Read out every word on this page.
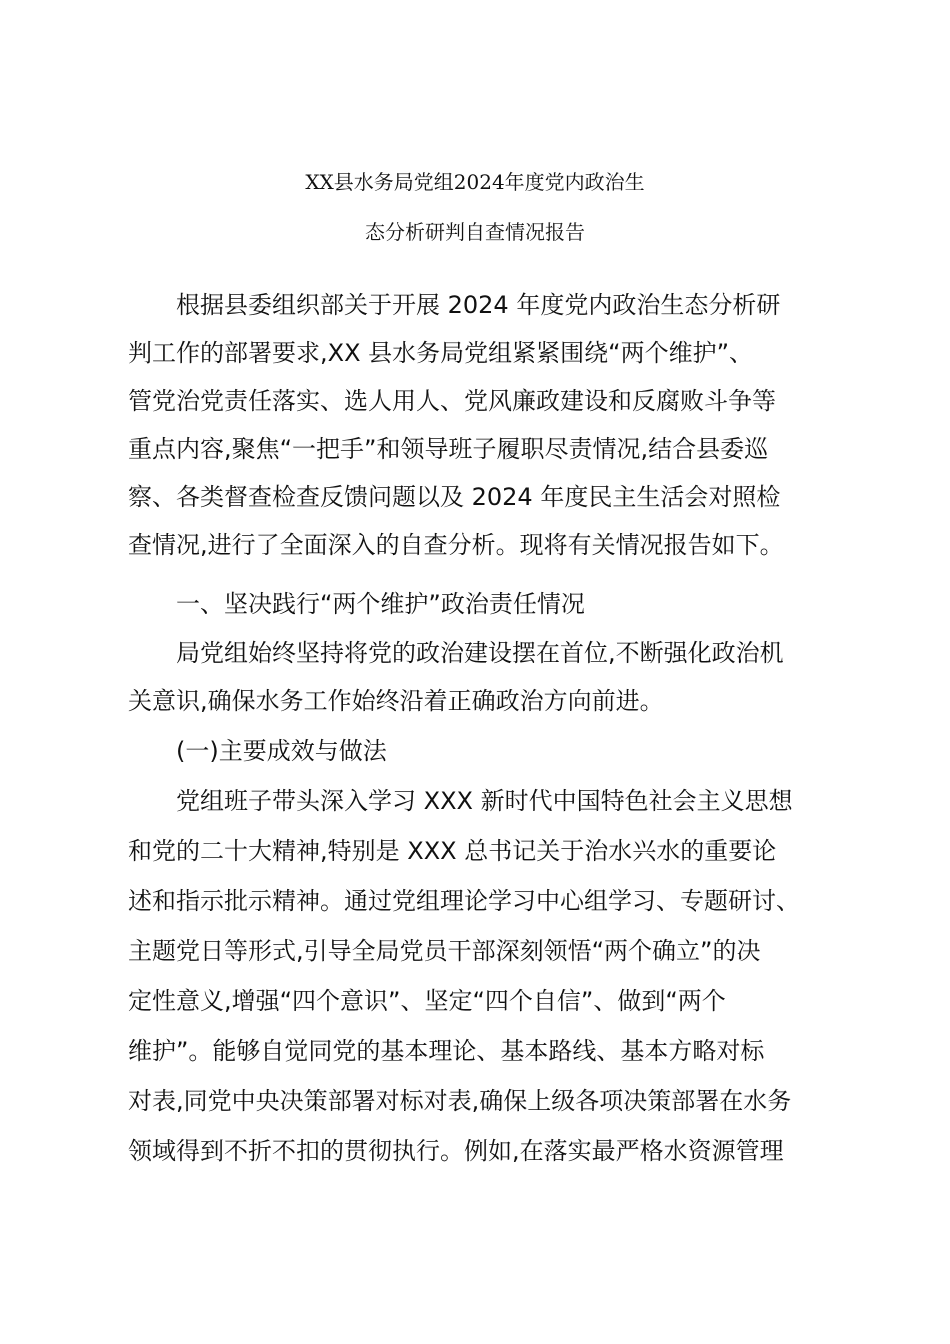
XX县水务局党组2024年度党内政治生
态分析研判自查情况报告
根据县委组织部关于开展 2024 年度党内政治生态分析研
判工作的部署要求,XX 县水务局党组紧紧围绕“两个维护”、
管党治党责任落实、选人用人、党风廉政建设和反腐败斗争等
重点内容,聚焦“一把手”和领导班子履职尽责情况,结合县委巡
察、各类督查检查反馈问题以及 2024 年度民主生活会对照检
查情况,进行了全面深入的自查分析。现将有关情况报告如下。
一、坚决践行“两个维护”政治责任情况
局党组始终坚持将党的政治建设摆在首位,不断强化政治机
关意识,确保水务工作始终沿着正确政治方向前进。
(一)主要成效与做法
党组班子带头深入学习 XXX 新时代中国特色社会主义思想
和党的二十大精神,特别是 XXX 总书记关于治水兴水的重要论
述和指示批示精神。通过党组理论学习中心组学习、专题研讨、
主题党日等形式,引导全局党员干部深刻领悟“两个确立”的决
定性意义,增强“四个意识”、坚定“四个自信”、做到“两个
维护”。能够自觉同党的基本理论、基本路线、基本方略对标
对表,同党中央决策部署对标对表,确保上级各项决策部署在水务
领域得到不折不扣的贯彻执行。例如,在落实最严格水资源管理
